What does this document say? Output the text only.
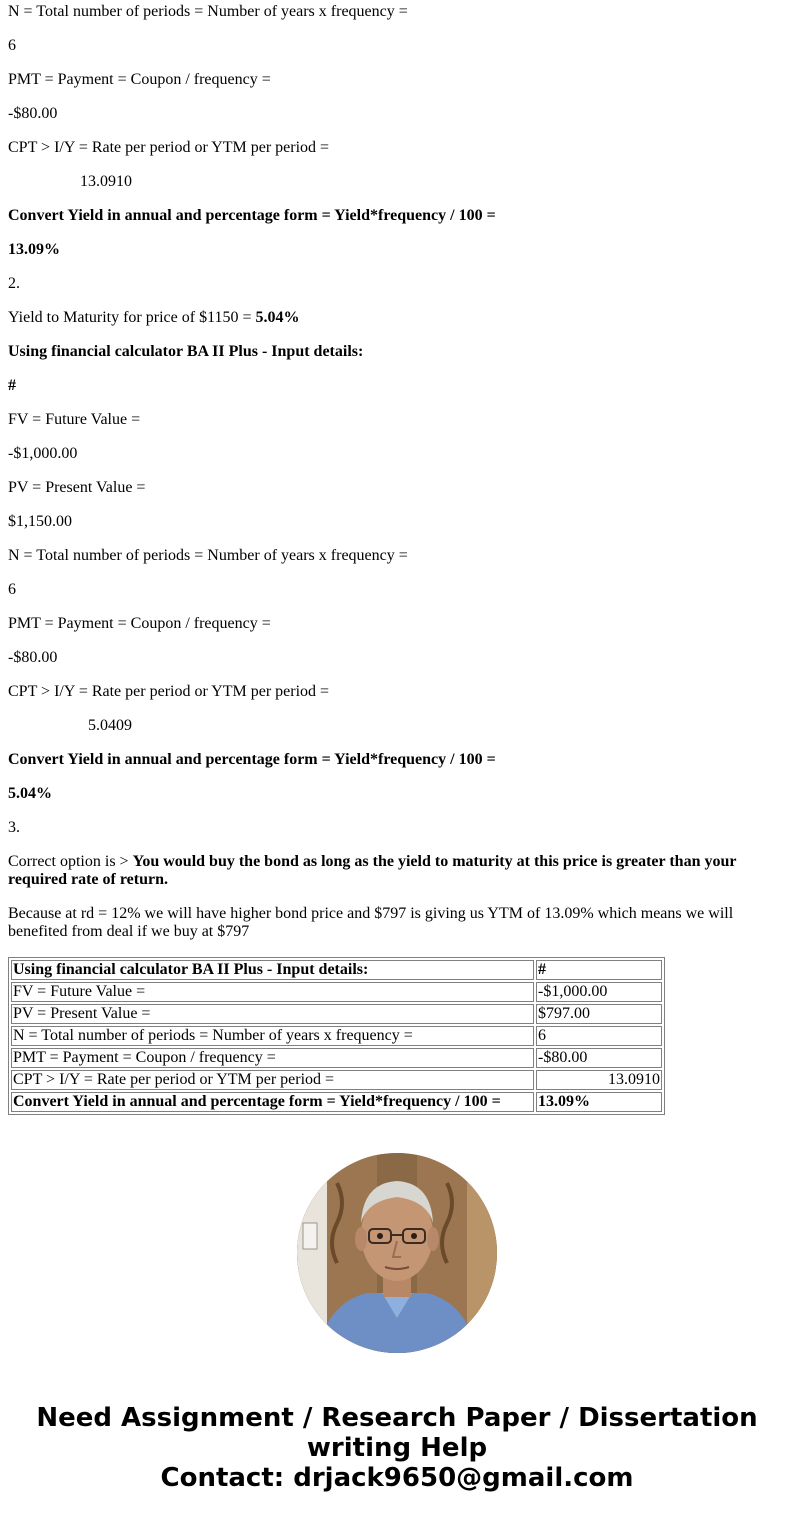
N = Total number of periods = Number of years x frequency =

6

PMT = Payment = Coupon / frequency =

-$80.00

CPT > I/Y = Rate per period or YTM per period =

13.0910

Convert Yield in annual and percentage form = Yield*frequency / 100 =

13.09%

2.

Yield to Maturity for price of $1150 = 5.04%

Using financial calculator BA II Plus - Input details:

#

FV = Future Value =

-$1,000.00

PV = Present Value =

$1,150.00

N = Total number of periods = Number of years x frequency =

6

PMT = Payment = Coupon / frequency =

-$80.00

CPT > I/Y = Rate per period or YTM per period =

5.0409

Convert Yield in annual and percentage form = Yield*frequency / 100 =

5.04%

3.

Correct option is > You would buy the bond as long as the yield to maturity at this price is greater than your required rate of return.

Because at rd = 12% we will have higher bond price and $797 is giving us YTM of 13.09% which means we will benefited from deal if we buy at $797

Using financial calculator BA II Plus - Input details:	#
FV = Future Value =	-$1,000.00
PV = Present Value =	$797.00
N = Total number of periods = Number of years x frequency =	6
PMT = Payment = Coupon / frequency =	-$80.00
CPT > I/Y = Rate per period or YTM per period =	13.0910
Convert Yield in annual and percentage form = Yield*frequency / 100 =	13.09%
Need Assignment / Research Paper / Dissertation writing Help
Contact: drjack9650@gmail.com
